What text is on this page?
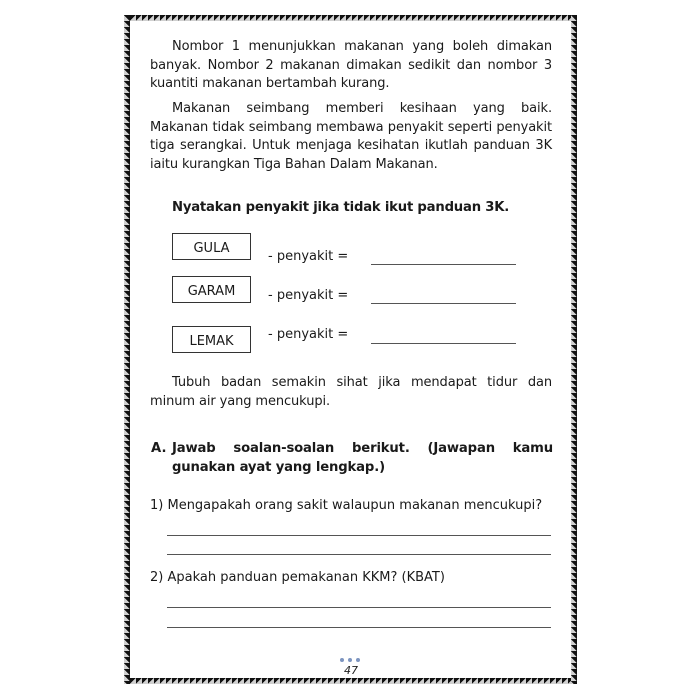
Nombor 1 menunjukkan makanan yang boleh dimakan banyak. Nombor 2 makanan dimakan sedikit dan nombor 3 kuantiti makanan bertambah kurang.

Makanan seimbang memberi kesihaan yang baik. Makanan tidak seimbang membawa penyakit seperti penyakit tiga serangkai. Untuk menjaga kesihatan ikutlah panduan 3K iaitu kurangkan Tiga Bahan Dalam Makanan.

Nyatakan penyakit jika tidak ikut panduan 3K.

GULA
- penyakit =
GARAM	- penyakit =
LEMAK	- penyakit =

Tubuh badan semakin sihat jika mendapat tidur dan minum air yang mencukupi.

A. Jawab soalan-soalan berikut. (Jawapan kamu gunakan ayat yang lengkap.)

1) Mengapakah orang sakit walaupun makanan mencukupi?

2) Apakah panduan pemakanan KKM? (KBAT)

47
